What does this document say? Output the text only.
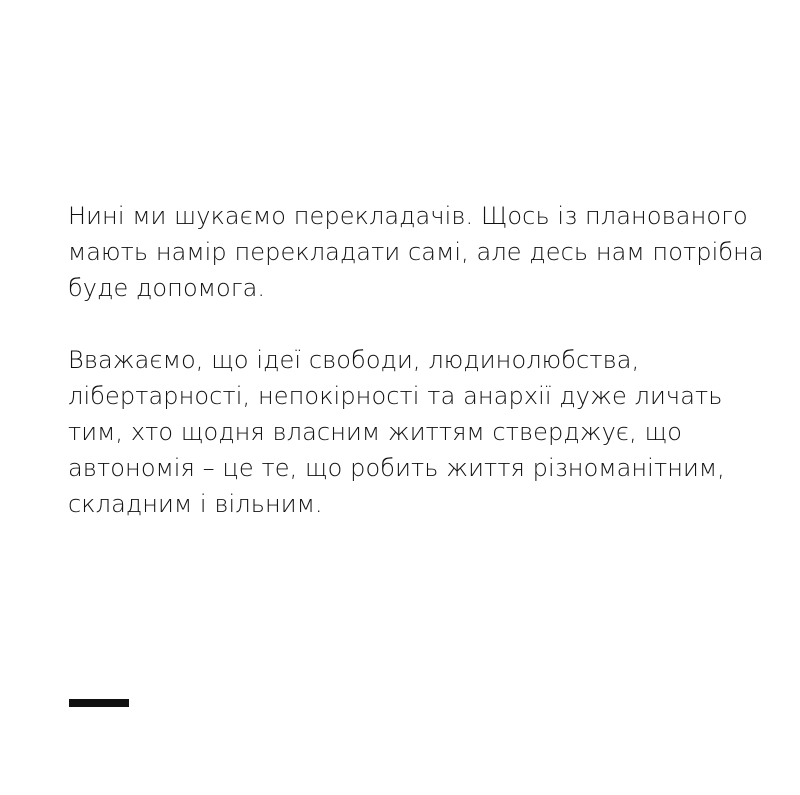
Нині ми шукаємо перекладачів. Щось із планованого
мають намір перекладати самі, але десь нам потрібна
буде допомога.

Вважаємо, що ідеї свободи, людинолюбства,
лібертарності, непокірності та анархії дуже личать
тим, хто щодня власним життям стверджує, що
автономія – це те, що робить життя різноманітним,
складним і вільним.
